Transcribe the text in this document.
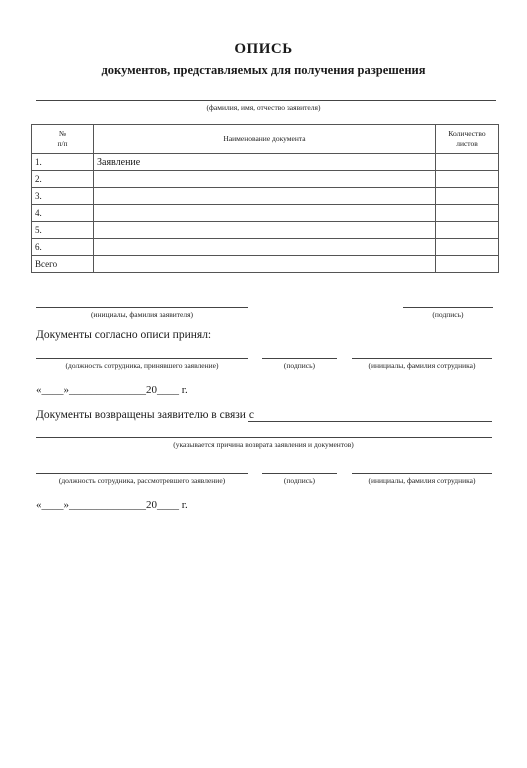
ОПИСЬ
документов, представляемых для получения разрешения
(фамилия, имя, отчество заявителя)
№
п/п	Наименование документа	Количество
листов
1.	Заявление	
2.		
3.		
4.		
5.		
6.		
Всего		
(инициалы, фамилия заявителя)	(подпись)
Документы согласно описи принял:
(должность сотрудника, принявшего заявление)	(подпись)	(инициалы, фамилия сотрудника)
«____»______________20____ г.
Документы возвращены заявителю в связи с
(указывается причина возврата заявления и документов)
(должность сотрудника, рассмотревшего заявление)	(подпись)	(инициалы, фамилия сотрудника)
«____»______________20____ г.
